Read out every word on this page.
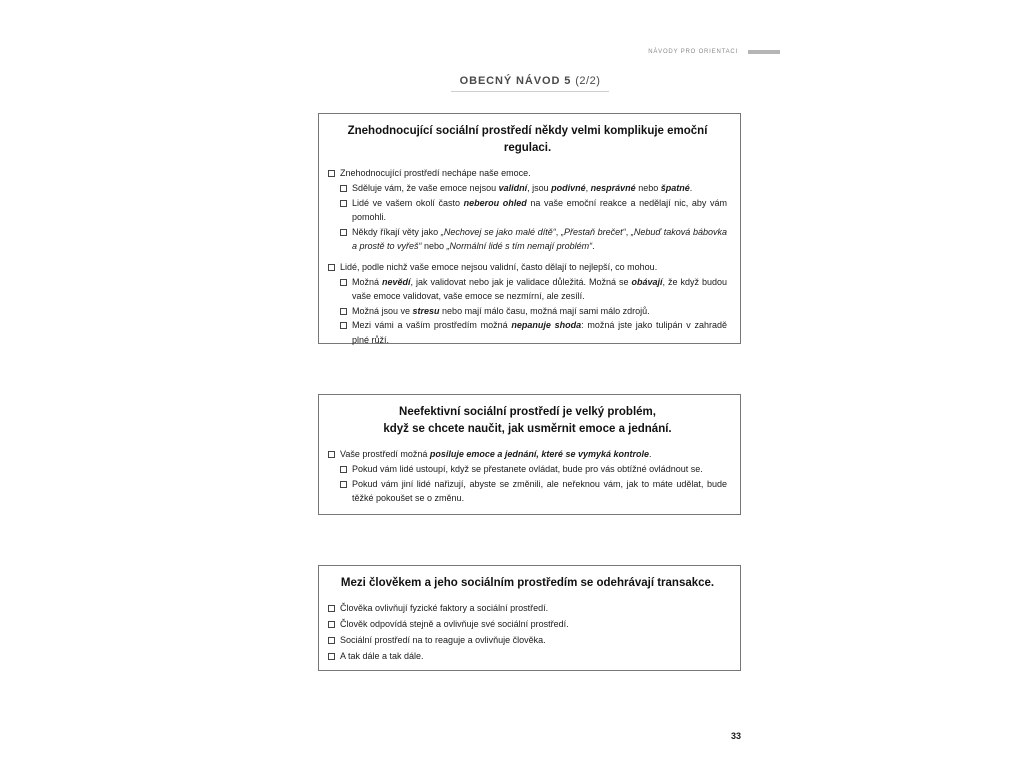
NÁVODY PRO ORIENTACI
OBECNÝ NÁVOD 5 (2/2)
Znehodnocující sociální prostředí někdy velmi komplikuje emoční regulaci.
Znehodnocující prostředí nechápe naše emoce.
Sděluje vám, že vaše emoce nejsou validní, jsou podivné, nesprávné nebo špatné.
Lidé ve vašem okolí často neberou ohled na vaše emoční reakce a nedělají nic, aby vám pomohli.
Někdy říkají věty jako „Nechovej se jako malé dítě“, „Přestaň brečet“, „Nebuď taková bábovka a prostě to vyřeš“ nebo „Normální lidé s tím nemají problém“.
Lidé, podle nichž vaše emoce nejsou validní, často dělají to nejlepší, co mohou.
Možná nevědí, jak validovat nebo jak je validace důležitá. Možná se obávají, že když budou vaše emoce validovat, vaše emoce se nezmírní, ale zesílí.
Možná jsou ve stresu nebo mají málo času, možná mají sami málo zdrojů.
Mezi vámi a vaším prostředím možná nepanuje shoda: možná jste jako tulipán v zahradě plné růží.
Neefektivní sociální prostředí je velký problém,
když se chcete naučit, jak usměrnit emoce a jednání.
Vaše prostředí možná posiluje emoce a jednání, které se vymyká kontrole.
Pokud vám lidé ustoupí, když se přestanete ovládat, bude pro vás obtížné ovládnout se.
Pokud vám jiní lidé nařizují, abyste se změnili, ale neřeknou vám, jak to máte udělat, bude těžké pokoušet se o změnu.
Mezi člověkem a jeho sociálním prostředím se odehrávají transakce.
Člověka ovlivňují fyzické faktory a sociální prostředí.
Člověk odpovídá stejně a ovlivňuje své sociální prostředí.
Sociální prostředí na to reaguje a ovlivňuje člověka.
A tak dále a tak dále.
33
